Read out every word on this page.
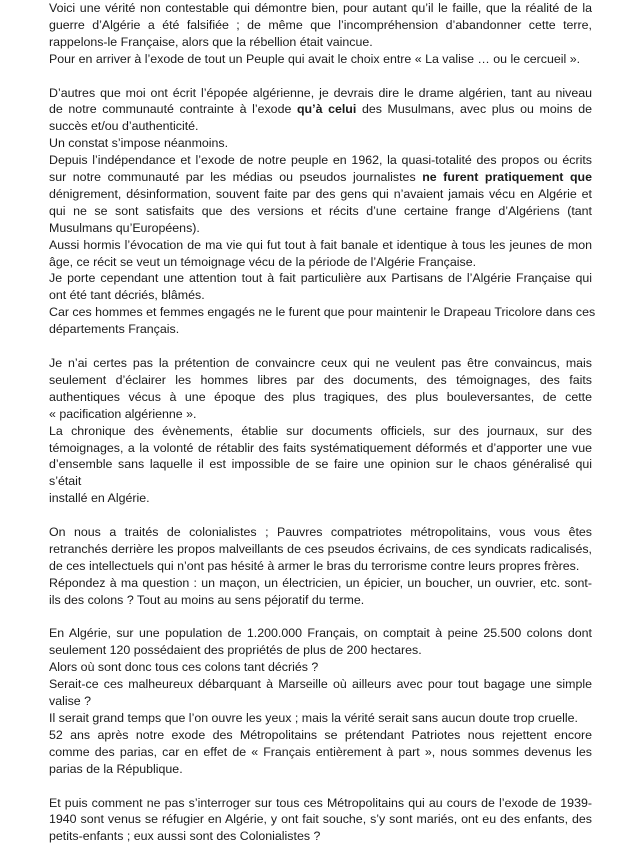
Voici une vérité non contestable qui démontre bien, pour autant qu’il le faille, que la réalité de la

guerre d’Algérie a été falsifiée ; de même que l’incompréhension d’abandonner cette terre,

rappelons-le Française, alors que la rébellion était vaincue.

Pour en arriver à l’exode de tout un Peuple qui avait le choix entre « La valise … ou le cercueil ».

D’autres que moi ont écrit l’épopée algérienne, je devrais dire le drame algérien, tant au niveau

de notre communauté contrainte à l’exode qu’à celui des Musulmans, avec plus ou moins de

succès et/ou d’authenticité.

Un constat s’impose néanmoins.

Depuis l’indépendance et l’exode de notre peuple en 1962, la quasi-totalité des propos ou écrits

sur notre communauté par les médias ou pseudos journalistes ne furent pratiquement que

dénigrement, désinformation, souvent faite par des gens qui n’avaient jamais vécu en Algérie et

qui ne se sont satisfaits que des versions et récits d’une certaine frange d’Algériens (tant

Musulmans qu’Européens).

Aussi hormis l’évocation de ma vie qui fut tout à fait banale et identique à tous les jeunes de mon

âge, ce récit se veut un témoignage vécu de la période de l’Algérie Française.

Je porte cependant une attention tout à fait particulière aux Partisans de l’Algérie Française qui

ont été tant décriés, blâmés.

Car ces hommes et femmes engagés ne le furent que pour maintenir le Drapeau Tricolore dans ces

départements Français.

Je n’ai certes pas la prétention de convaincre ceux qui ne veulent pas être convaincus, mais

seulement d’éclairer les hommes libres par des documents, des témoignages, des faits

authentiques vécus à une époque des plus tragiques, des plus bouleversantes, de cette

« pacification algérienne ».

La chronique des évènements, établie sur documents officiels, sur des journaux, sur des

témoignages, a la volonté de rétablir des faits systématiquement déformés et d’apporter une vue

d’ensemble sans laquelle il est impossible de se faire une opinion sur le chaos généralisé qui s’était

installé en Algérie.

On nous a traités de colonialistes ; Pauvres compatriotes métropolitains, vous vous êtes

retranchés derrière les propos malveillants de ces pseudos écrivains, de ces syndicats radicalisés,

de ces intellectuels qui n’ont pas hésité à armer le bras du terrorisme contre leurs propres frères.

Répondez à ma question : un maçon, un électricien, un épicier, un boucher, un ouvrier, etc. sont-

ils des colons ? Tout au moins au sens péjoratif du terme.

En Algérie, sur une population de 1.200.000 Français, on comptait à peine 25.500 colons dont

seulement 120 possédaient des propriétés de plus de 200 hectares.

Alors où sont donc tous ces colons tant décriés ?

Serait-ce ces malheureux débarquant à Marseille où ailleurs avec pour tout bagage une simple

valise ?

Il serait grand temps que l’on ouvre les yeux ; mais la vérité serait sans aucun doute trop cruelle.

52 ans après notre exode des Métropolitains se prétendant Patriotes nous rejettent encore

comme des parias, car en effet de « Français entièrement à part », nous sommes devenus les

parias de la République.

Et puis comment ne pas s’interroger sur tous ces Métropolitains qui au cours de l’exode de 1939-

1940 sont venus se réfugier en Algérie, y ont fait souche, s’y sont mariés, ont eu des enfants, des

petits-enfants ; eux aussi sont des Colonialistes ?
